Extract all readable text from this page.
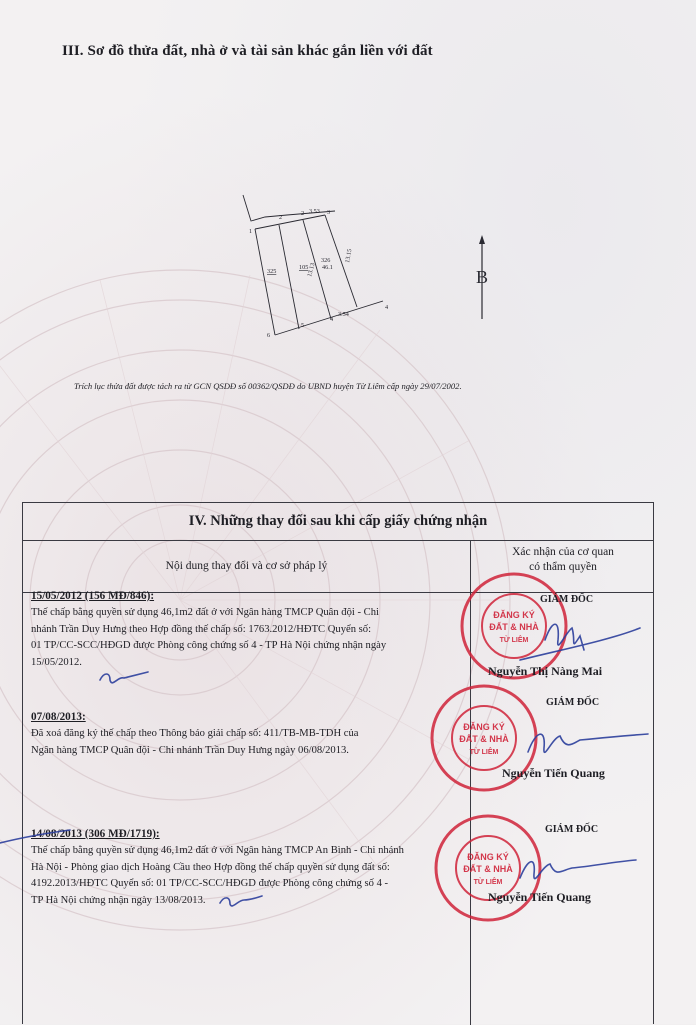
III. Sơ đồ thửa đất, nhà ở và tài sản khác gắn liền với đất
1
2
2 3.53 3
325
105
326
46.1
13.15
13.13
3.54
4
4
5
6
B
Trích lục thửa đất được tách ra từ GCN QSDĐ số 00362/QSDĐ do UBND huyện Từ Liêm cấp ngày 29/07/2002.
IV. Những thay đổi sau khi cấp giấy chứng nhận
Nội dung thay đổi và cơ sở pháp lý
Xác nhận của cơ quan
có thẩm quyền
15/05/2012 (156 MĐ/846):
Thế chấp bằng quyền sử dụng 46,1m2 đất ở với Ngân hàng TMCP Quân đội - Chi
nhánh Trần Duy Hưng theo Hợp đồng thế chấp số: 1763.2012/HĐTC Quyển số:
01 TP/CC-SCC/HĐGD được Phòng công chứng số 4 - TP Hà Nội chứng nhận ngày
15/05/2012.
07/08/2013:
Đã xoá đăng ký thế chấp theo Thông báo giải chấp số: 411/TB-MB-TDH của
Ngân hàng TMCP Quân đội - Chi nhánh Trần Duy Hưng ngày 06/08/2013.
14/08/2013 (306 MĐ/1719):
Thế chấp bằng quyền sử dụng 46,1m2 đất ở với Ngân hàng TMCP An Bình - Chi nhánh
Hà Nội - Phòng giao dịch Hoàng Cầu theo Hợp đồng thế chấp quyền sử dụng đất số:
4192.2013/HĐTC Quyển số: 01 TP/CC-SCC/HĐGD được Phòng công chứng số 4 -
TP Hà Nội chứng nhận ngày 13/08/2013.
ĐĂNG KÝ
ĐẤT & NHÀ
TỪ LIÊM
ĐĂNG KÝ
ĐẤT & NHÀ
TỪ LIÊM
ĐĂNG KÝ
ĐẤT & NHÀ
TỪ LIÊM
GIÁM ĐỐC
Nguyễn Thị Nàng Mai
GIÁM ĐỐC
Nguyễn Tiến Quang
GIÁM ĐỐC
Nguyễn Tiến Quang
